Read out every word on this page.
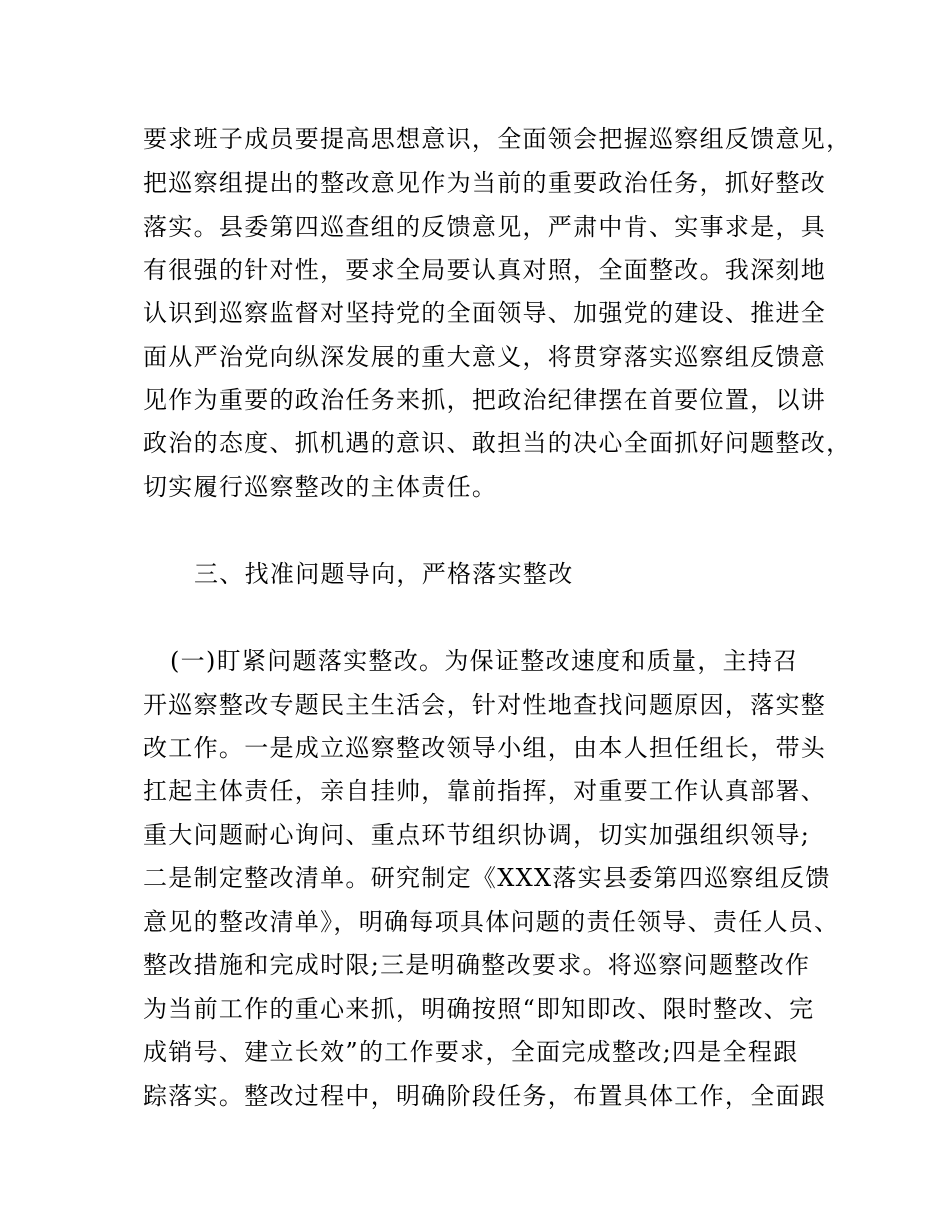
要求班子成员要提高思想意识，全面领会把握巡察组反馈意见，
把巡察组提出的整改意见作为当前的重要政治任务，抓好整改
落实。县委第四巡查组的反馈意见，严肃中肯、实事求是，具
有很强的针对性，要求全局要认真对照，全面整改。我深刻地
认识到巡察监督对坚持党的全面领导、加强党的建设、推进全
面从严治党向纵深发展的重大意义，将贯穿落实巡察组反馈意
见作为重要的政治任务来抓，把政治纪律摆在首要位置，以讲
政治的态度、抓机遇的意识、敢担当的决心全面抓好问题整改，
切实履行巡察整改的主体责任。
三、找准问题导向，严格落实整改
(一)盯紧问题落实整改。为保证整改速度和质量，主持召
开巡察整改专题民主生活会，针对性地查找问题原因，落实整
改工作。一是成立巡察整改领导小组，由本人担任组长，带头
扛起主体责任，亲自挂帅，靠前指挥，对重要工作认真部署、
重大问题耐心询问、重点环节组织协调，切实加强组织领导;
二是制定整改清单。研究制定《XXX落实县委第四巡察组反馈
意见的整改清单》，明确每项具体问题的责任领导、责任人员、
整改措施和完成时限;三是明确整改要求。将巡察问题整改作
为当前工作的重心来抓，明确按照“即知即改、限时整改、完
成销号、建立长效”的工作要求，全面完成整改;四是全程跟
踪落实。整改过程中，明确阶段任务，布置具体工作，全面跟
